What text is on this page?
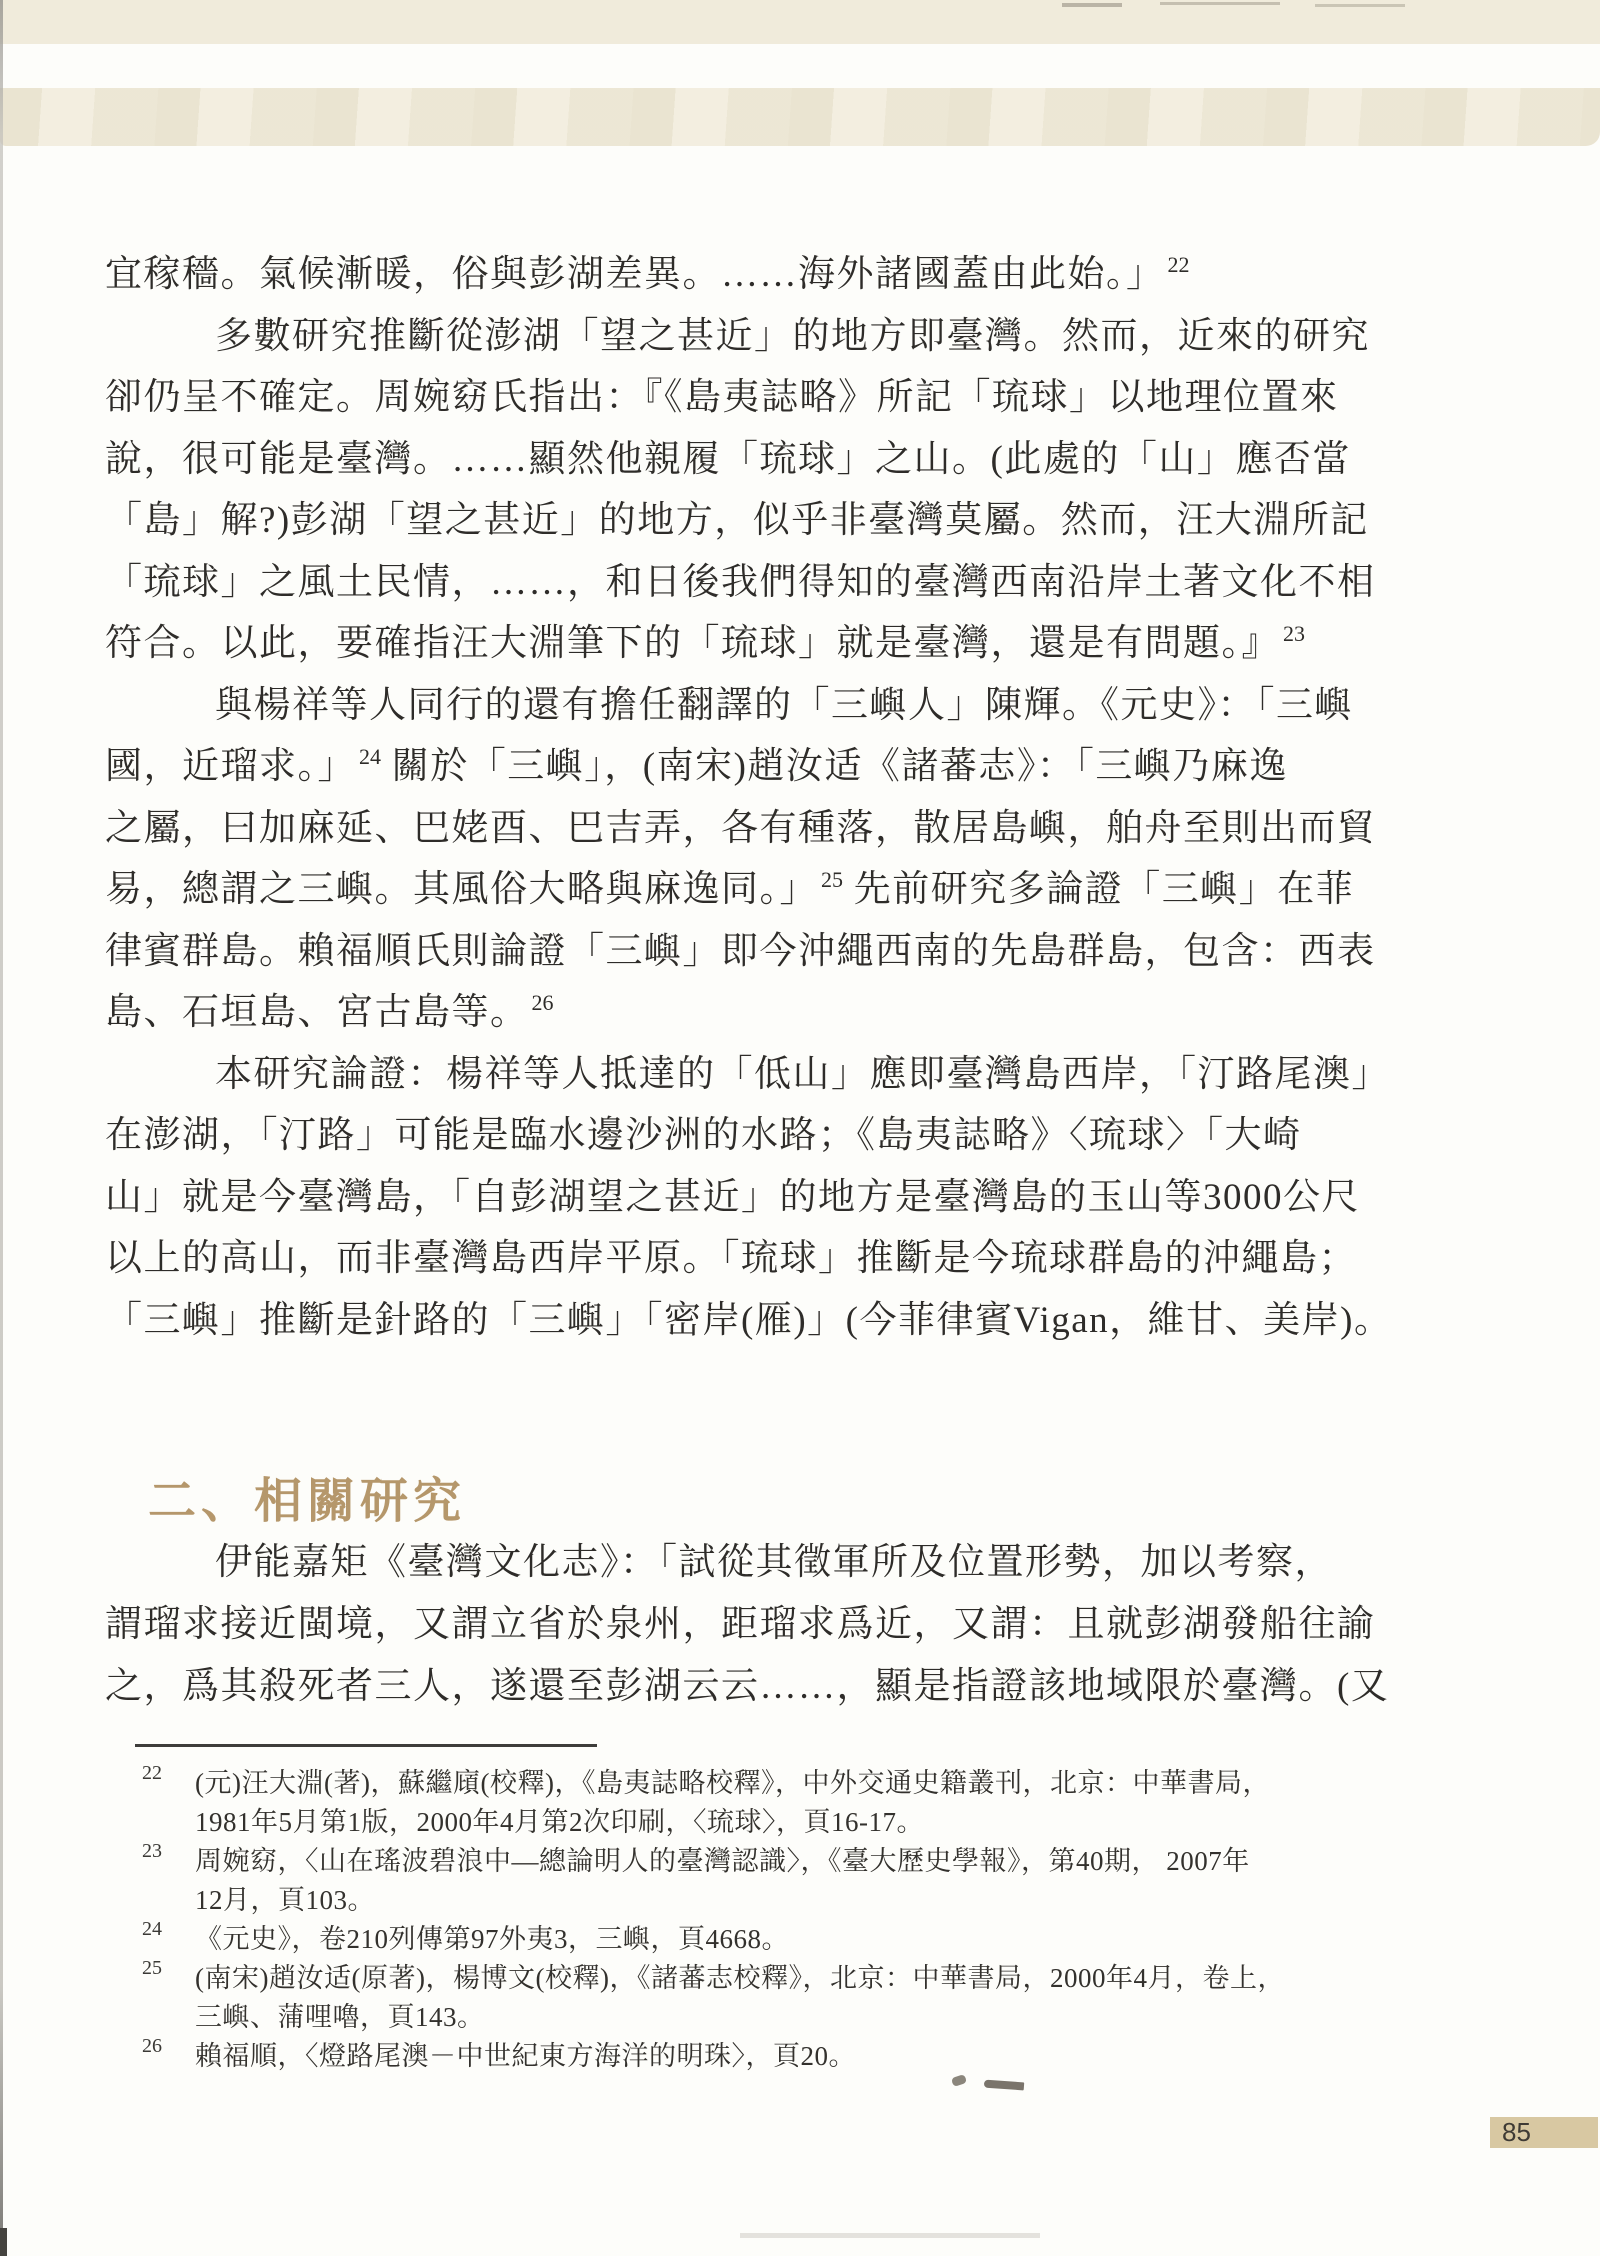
宜稼穡。氣候漸暖，俗與彭湖差異。……海外諸國蓋由此始。」 $^{22}$
多數研究推斷從澎湖「望之甚近」的地方即臺灣。然而，近來的研究
卻仍呈不確定。周婉窈氏指出：『《島夷誌略》所記「琉球」以地理位置來
說，很可能是臺灣。……顯然他親履「琉球」之山。(此處的「山」應否當
「島」解?)彭湖「望之甚近」的地方，似乎非臺灣莫屬。然而，汪大淵所記
「琉球」之風土民情，……，和日後我們得知的臺灣西南沿岸土著文化不相
符合。以此，要確指汪大淵筆下的「琉球」就是臺灣，還是有問題。』 $^{23}$
與楊祥等人同行的還有擔任翻譯的「三嶼人」陳輝。《元史》：「三嶼
國，近瑠求。」 $^{24}$ 關於「三嶼」，(南宋)趙汝适《諸蕃志》：「三嶼乃麻逸
之屬，曰加麻延、巴姥酉、巴吉弄，各有種落，散居島嶼，舶舟至則出而貿
易，總謂之三嶼。其風俗大略與麻逸同。」 $^{25}$ 先前研究多論證「三嶼」在菲
律賓群島。賴福順氏則論證「三嶼」即今沖繩西南的先島群島，包含：西表
島、石垣島、宮古島等。 $^{26}$
本研究論證：楊祥等人抵達的「低山」應即臺灣島西岸，「汀路尾澳」
在澎湖，「汀路」可能是臨水邊沙洲的水路；《島夷誌略》〈琉球〉「大崎
山」就是今臺灣島，「自彭湖望之甚近」的地方是臺灣島的玉山等3000公尺
以上的高山，而非臺灣島西岸平原。「琉球」推斷是今琉球群島的沖繩島；
「三嶼」推斷是針路的「三嶼」「密岸(雁)」(今菲律賓Vigan，維甘、美岸)。
二、相關研究
伊能嘉矩《臺灣文化志》：「試從其徵軍所及位置形勢，加以考察，
謂瑠求接近閩境，又謂立省於泉州，距瑠求爲近，又謂：且就彭湖發船往諭
之，爲其殺死者三人，遂還至彭湖云云……，顯是指證該地域限於臺灣。(又
22 (元)汪大淵(著)，蘇繼廎(校釋)，《島夷誌略校釋》，中外交通史籍叢刊，北京：中華書局，
1981年5月第1版，2000年4月第2次印刷，〈琉球〉，頁16-17。
23 周婉窈，〈山在瑤波碧浪中—總論明人的臺灣認識〉，《臺大歷史學報》，第40期， 2007年
12月，頁103。
24 《元史》，卷210列傳第97外夷3，三嶼，頁4668。
25 (南宋)趙汝适(原著)，楊博文(校釋)，《諸蕃志校釋》，北京：中華書局，2000年4月，卷上，
三嶼、蒲哩嚕，頁143。
26 賴福順，〈燈路尾澳－中世紀東方海洋的明珠〉，頁20。
85
